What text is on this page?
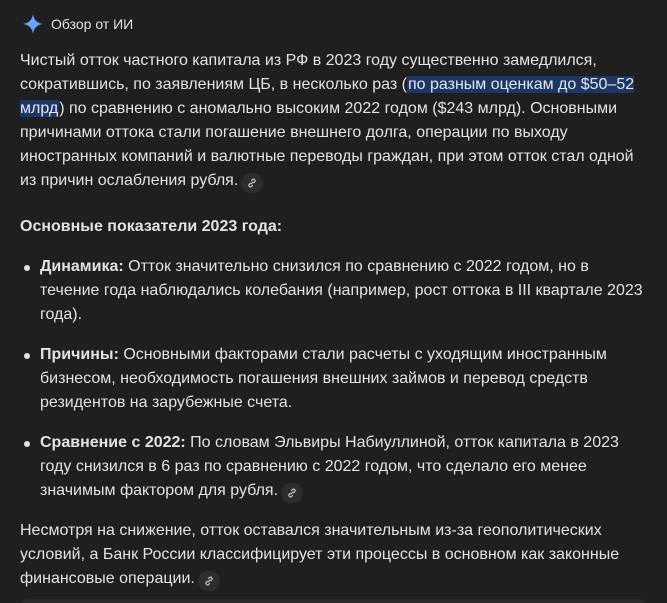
Обзор от ИИ

Чистый отток частного капитала из РФ в 2023 году существенно замедлился, сократившись, по заявлениям ЦБ, в несколько раз (по разным оценкам до $50–52 млрд) по сравнению с аномально высоким 2022 годом ($243 млрд). Основными причинами оттока стали погашение внешнего долга, операции по выходу иностранных компаний и валютные переводы граждан, при этом отток стал одной из причин ослабления рубля.

Основные показатели 2023 года:
Динамика: Отток значительно снизился по сравнению с 2022 годом, но в течение года наблюдались колебания (например, рост оттока в III квартале 2023 года).
Причины: Основными факторами стали расчеты с уходящим иностранным бизнесом, необходимость погашения внешних займов и перевод средств резидентов на зарубежные счета.
Сравнение с 2022: По словам Эльвиры Набиуллиной, отток капитала в 2023 году снизился в 6 раз по сравнению с 2022 годом, что сделало его менее значимым фактором для рубля.

Несмотря на снижение, отток оставался значительным из-за геополитических условий, а Банк России классифицирует эти процессы в основном как законные финансовые операции.
